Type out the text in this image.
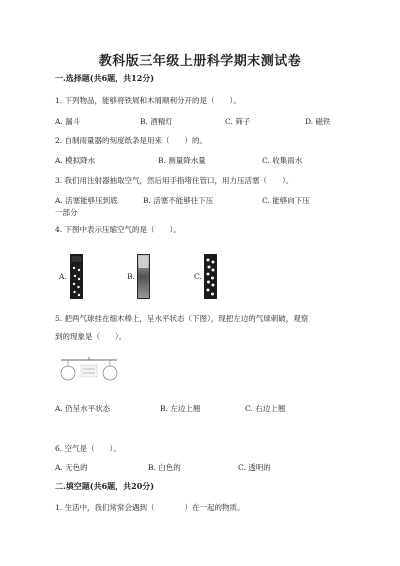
教科版三年级上册科学期末测试卷
一.选择题(共6题，共12分)
1. 下列物品，能够将铁屑和木屑顺利分开的是（　　）。
A. 漏斗	B. 酒精灯	C. 筛子	D. 磁铁
2. 自制雨量器的刻度纸条是用来（　　）的。
A. 模拟降水	B. 测量降水量	C. 收集雨水
3. 我们用注射器抽取空气，然后用手指堵住管口，用力压活塞（　　）。
A. 活塞能够压到底	B. 活塞不能够往下压	C. 能够向下压
一部分
4. 下图中表示压缩空气的是（　　）。
A.	B.	C.
5. 把两气球挂在细木棒上，呈水平状态（下图），现把左边的气球刺破，观察
到的现象是（　　）。
A. 仍呈水平状态	B. 左边上翘	C. 右边上翘
6. 空气是（　　）。
A. 无色的	B. 白色的	C. 透明的
二.填空题(共6题，共20分)
1. 生活中，我们常常会遇到（　　　　）在一起的物质。
